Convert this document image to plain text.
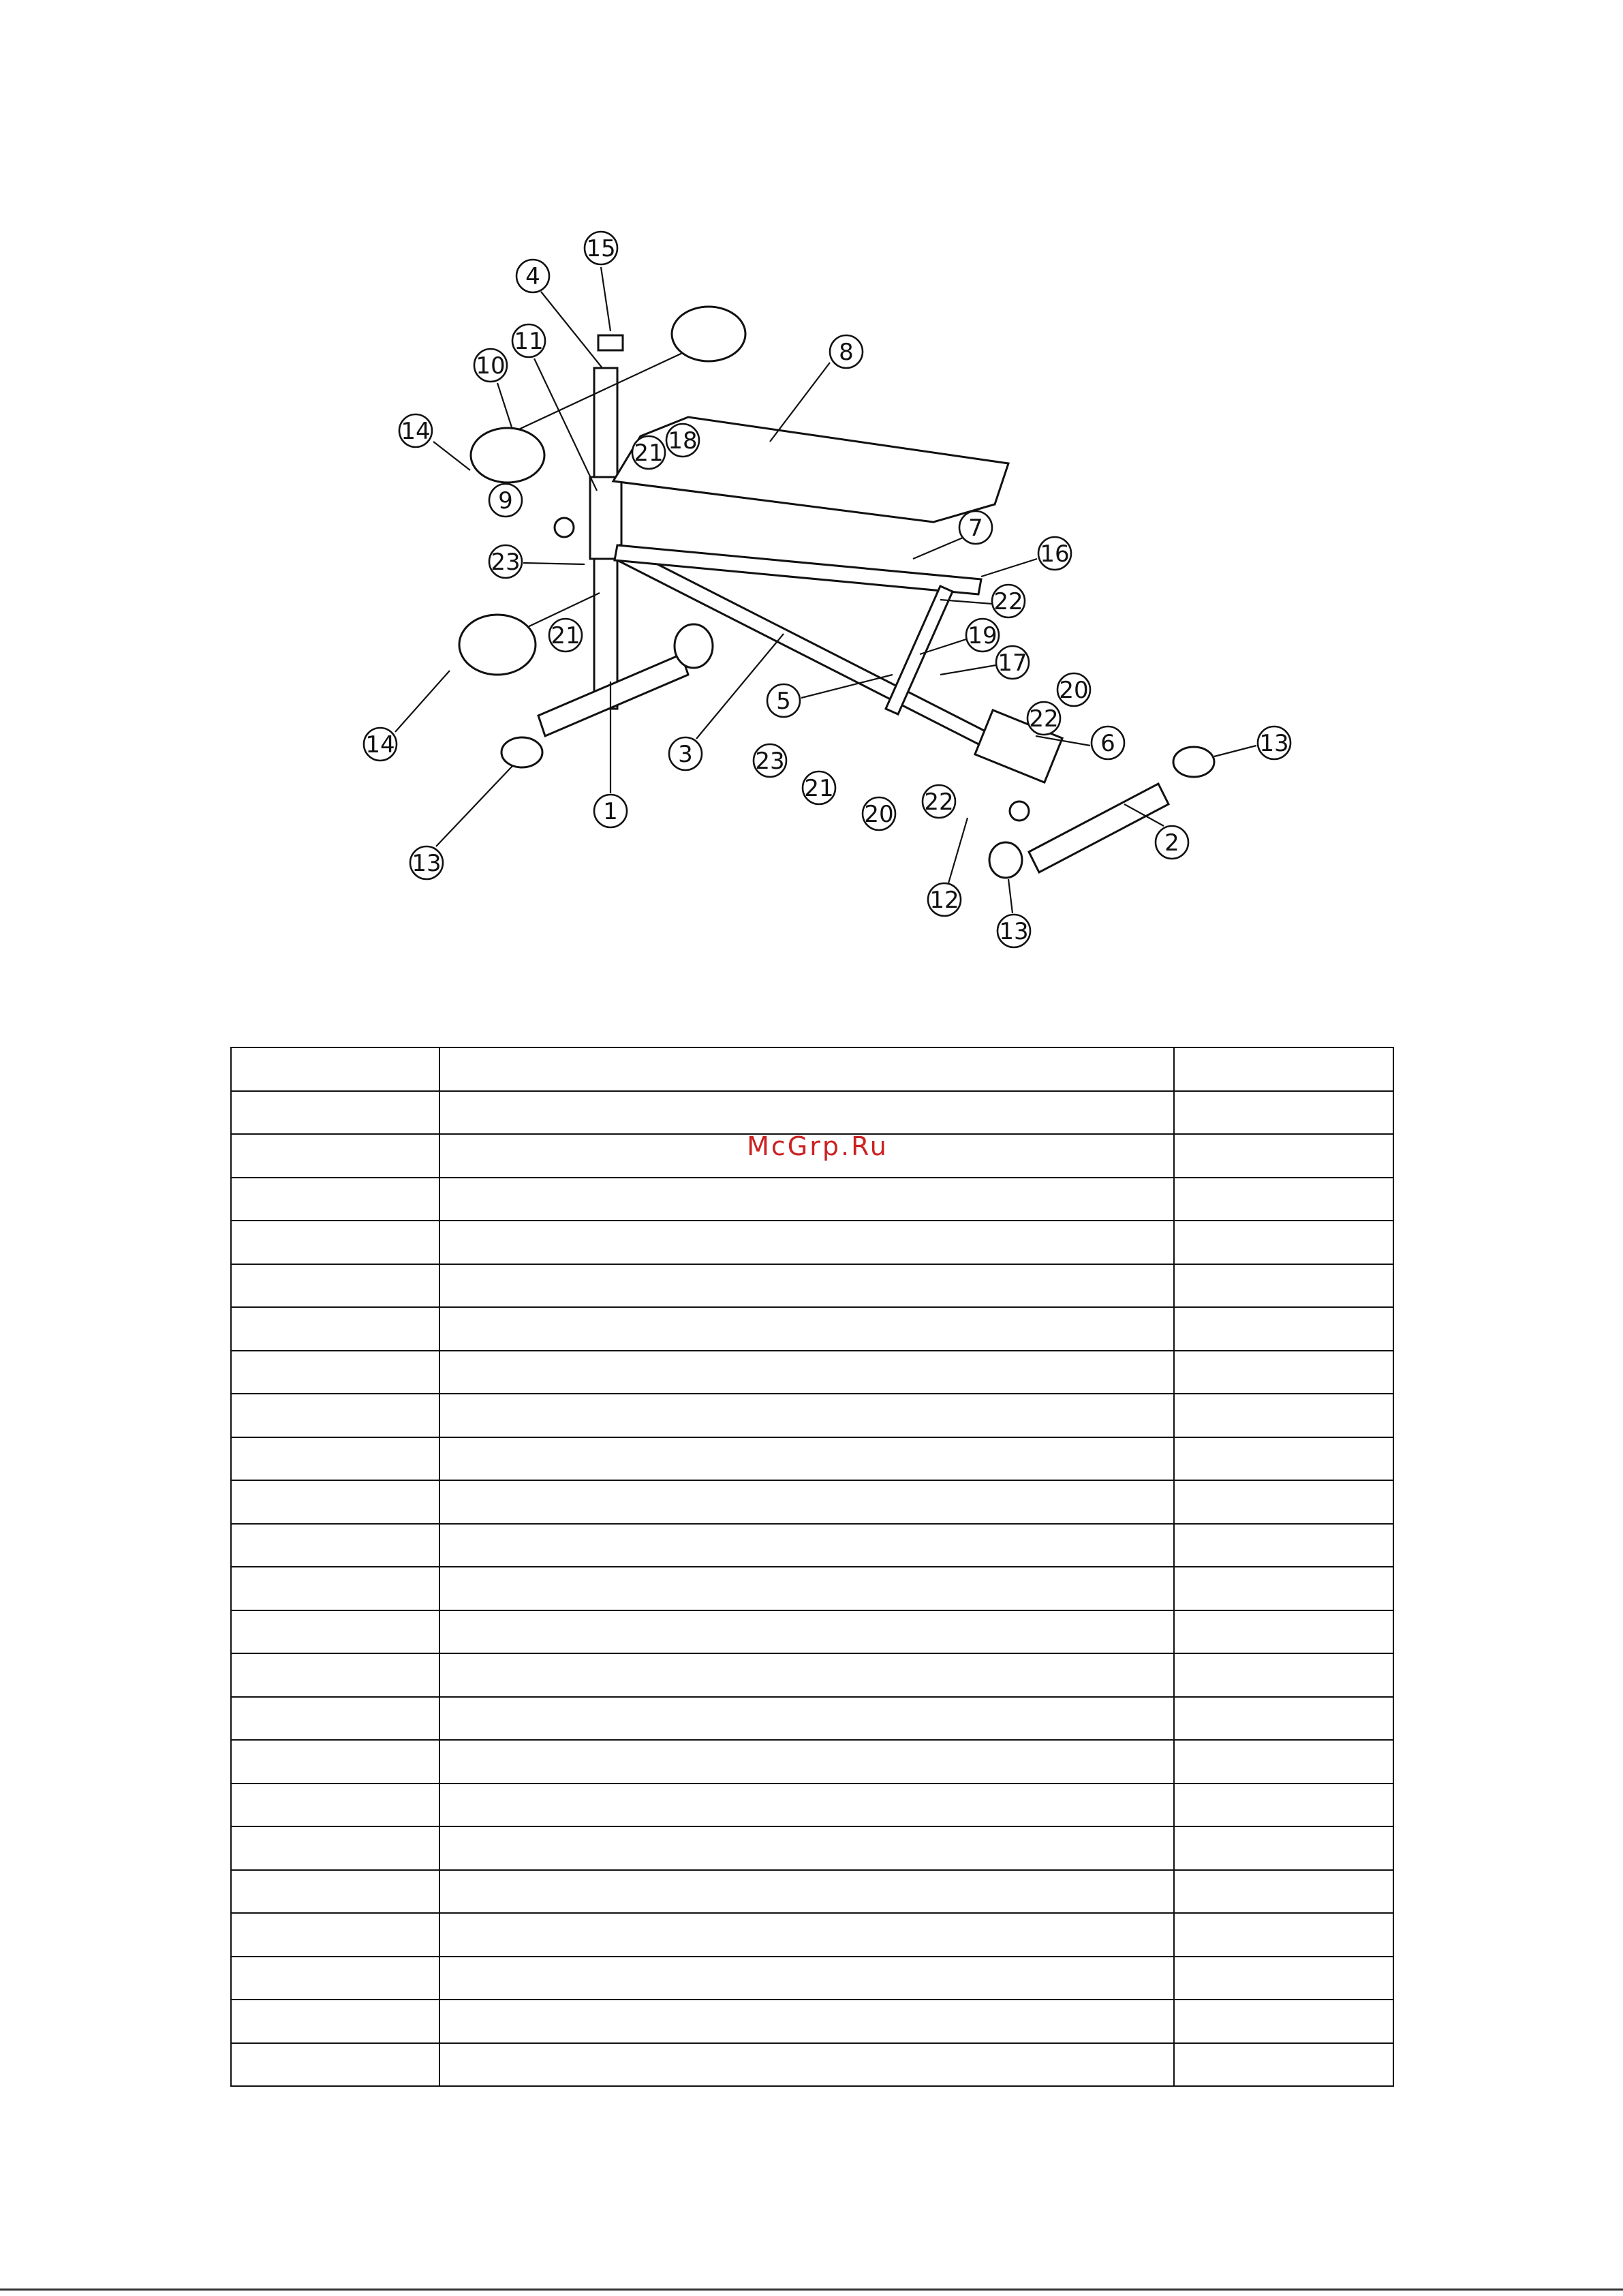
15
4
8
11
10
14
21 18
9
7
16
23
22
21	19
17
20
5
22
6
14	13
3	23
21	22
20
1
2
13
12
13

McGrp.Ru
